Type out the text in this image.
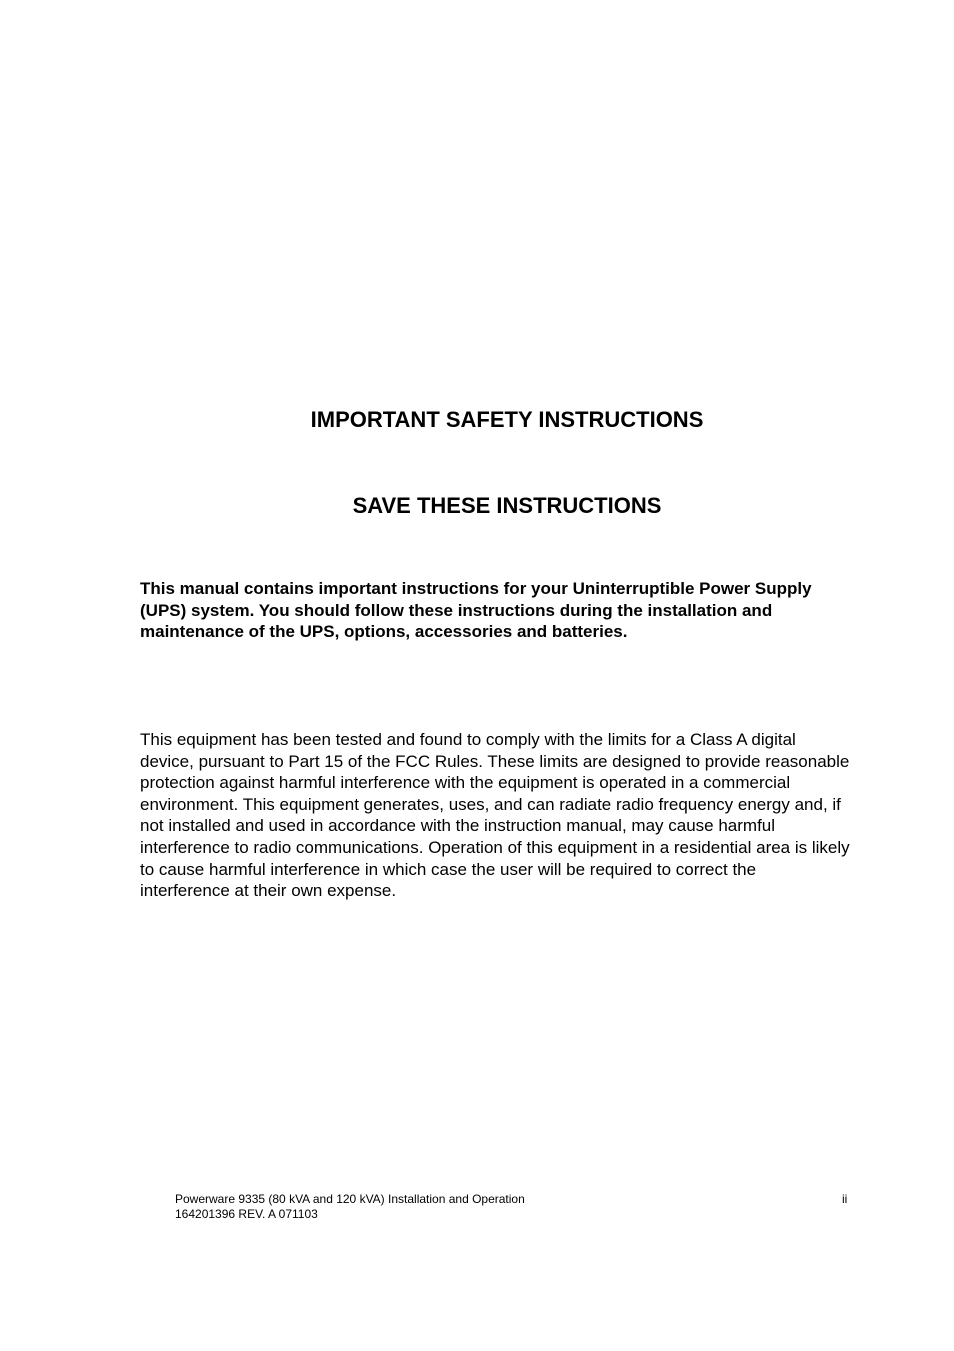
IMPORTANT SAFETY INSTRUCTIONS
SAVE THESE INSTRUCTIONS

This manual contains important instructions for your Uninterruptible Power Supply (UPS) system. You should follow these instructions during the installation and maintenance of the UPS, options, accessories and batteries.

This equipment has been tested and found to comply with the limits for a Class A digital device, pursuant to Part 15 of the FCC Rules. These limits are designed to provide reasonable protection against harmful interference with the equipment is operated in a commercial environment. This equipment generates, uses, and can radiate radio frequency energy and, if not installed and used in accordance with the instruction manual, may cause harmful interference to radio communications. Operation of this equipment in a residential area is likely to cause harmful interference in which case the user will be required to correct the interference at their own expense.

Powerware 9335 (80 kVA and 120 kVA) Installation and Operation
164201396 REV. A 071103
ii
